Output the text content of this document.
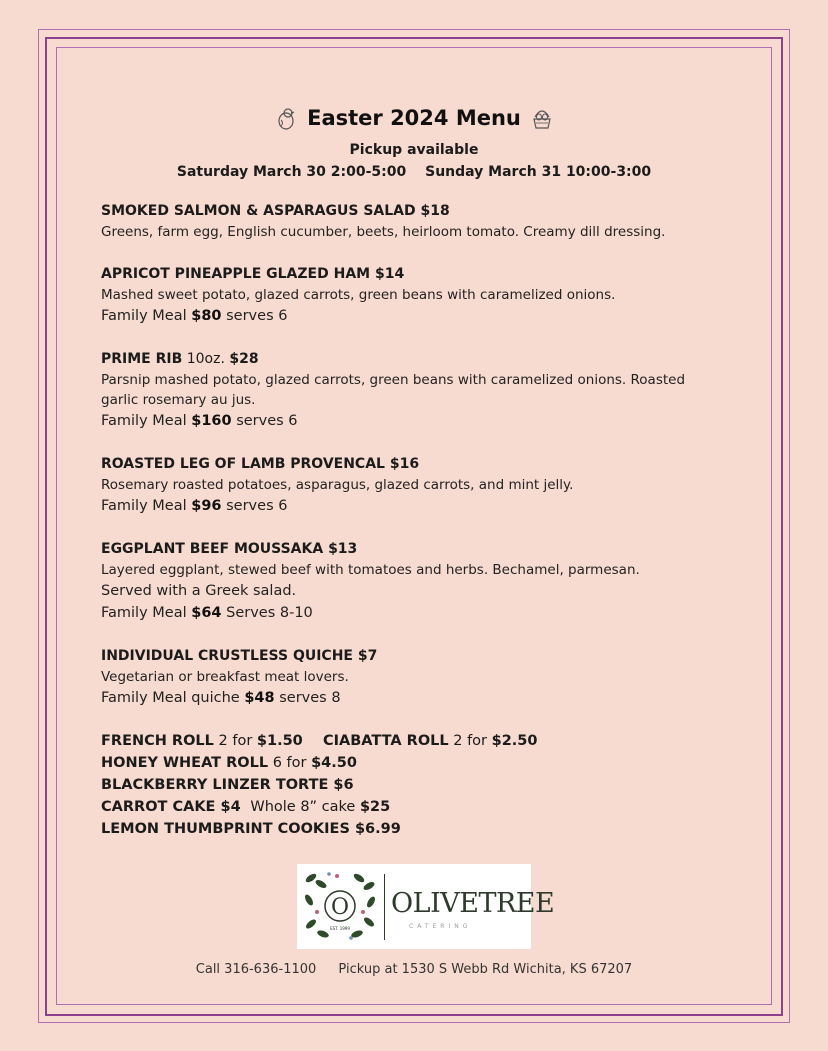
Easter 2024 Menu
Pickup available
Saturday March 30 2:00-5:00 Sunday March 31 10:00-3:00
SMOKED SALMON & ASPARAGUS SALAD $18
Greens, farm egg, English cucumber, beets, heirloom tomato. Creamy dill dressing.
APRICOT PINEAPPLE GLAZED HAM $14
Mashed sweet potato, glazed carrots, green beans with caramelized onions.
Family Meal $80 serves 6
PRIME RIB 10oz. $28
Parsnip mashed potato, glazed carrots, green beans with caramelized onions. Roasted garlic rosemary au jus.
Family Meal $160 serves 6
ROASTED LEG OF LAMB PROVENCAL $16
Rosemary roasted potatoes, asparagus, glazed carrots, and mint jelly.
Family Meal $96 serves 6
EGGPLANT BEEF MOUSSAKA $13
Layered eggplant, stewed beef with tomatoes and herbs. Bechamel, parmesan.
Served with a Greek salad.
Family Meal $64 Serves 8-10
INDIVIDUAL CRUSTLESS QUICHE $7
Vegetarian or breakfast meat lovers.
Family Meal quiche $48 serves 8
FRENCH ROLL 2 for $1.50 CIABATTA ROLL 2 for $2.50
HONEY WHEAT ROLL 6 for $4.50
BLACKBERRY LINZER TORTE $6
CARROT CAKE $4  Whole 8” cake $25
LEMON THUMBPRINT COOKIES $6.99
O
EST. 1999
OLIVETREE
CATERING
Call 316-636-1100 Pickup at 1530 S Webb Rd Wichita, KS 67207
